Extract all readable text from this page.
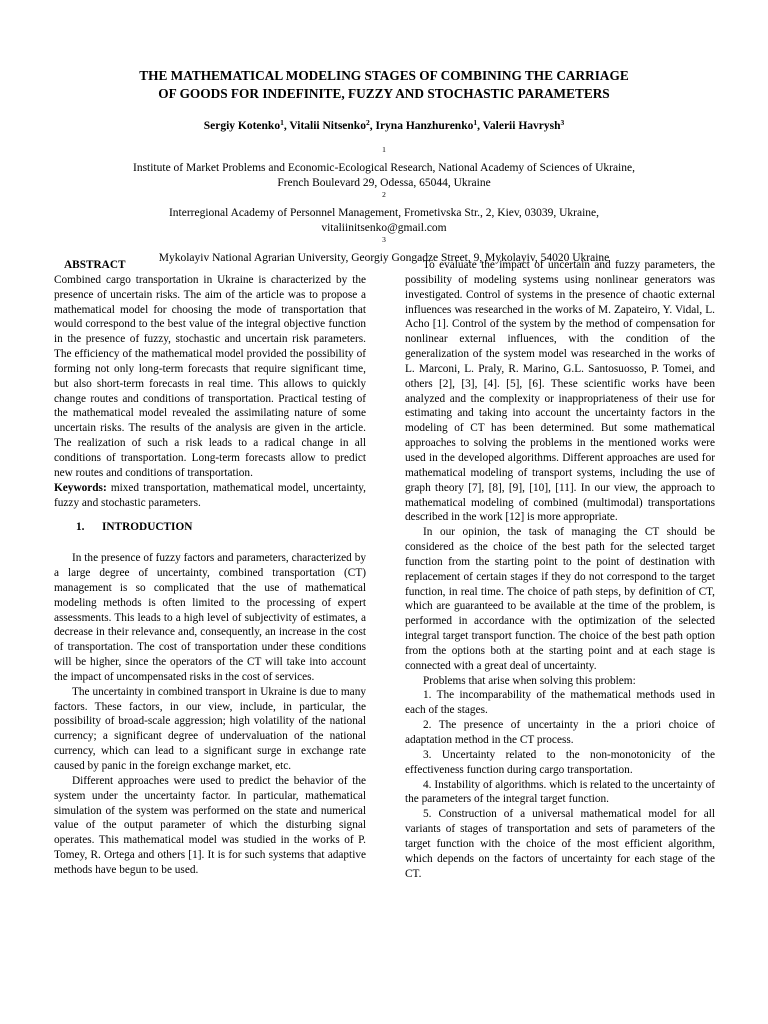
THE MATHEMATICAL MODELING STAGES OF COMBINING THE CARRIAGE
OF GOODS FOR INDEFINITE, FUZZY AND STOCHASTIC PARAMETERS
Sergiy Kotenko$^1$, Vitalii Nitsenko$^2$, Iryna Hanzhurenko$^1$, Valerii Havrysh$^3$
$^1$
Institute of Market Problems and Economic-Ecological Research, National Academy of Sciences of Ukraine,
French Boulevard 29, Odessa, 65044, Ukraine
$^2$
Interregional Academy of Personnel Management, Frometivska Str., 2, Kiev, 03039, Ukraine,
vitaliinitsenko@gmail.com
$^3$
Mykolayiv National Agrarian University, Georgiy Gongadze Street, 9, Mykolayiv, 54020 Ukraine

ABSTRACT

Combined cargo transportation in Ukraine is characterized by the presence of uncertain risks. The aim of the article was to propose a mathematical model for choosing the mode of transportation that would correspond to the best value of the integral objective function in the presence of fuzzy, stochastic and uncertain risk parameters. The efficiency of the mathematical model provided the possibility of forming not only long-term forecasts that require significant time, but also short-term forecasts in real time. This allows to quickly change routes and conditions of transportation. Practical testing of the mathematical model revealed the assimilating nature of some uncertain risks. The results of the analysis are given in the article. The realization of such a risk leads to a radical change in all conditions of transportation. Long-term forecasts allow to predict new routes and conditions of transportation.

Keywords: mixed transportation, mathematical model, uncertainty, fuzzy and stochastic parameters.

1. INTRODUCTION

In the presence of fuzzy factors and parameters, characterized by a large degree of uncertainty, combined transportation (CT) management is so complicated that the use of mathematical modeling methods is often limited to the processing of expert assessments. This leads to a high level of subjectivity of estimates, a decrease in their relevance and, consequently, an increase in the cost of transportation. The cost of transportation under these conditions will be higher, since the operators of the CT will take into account the impact of uncompensated risks in the cost of services.

The uncertainty in combined transport in Ukraine is due to many factors. These factors, in our view, include, in particular, the possibility of broad-scale aggression; high volatility of the national currency; a significant degree of undervaluation of the national currency, which can lead to a significant surge in exchange rate caused by panic in the foreign exchange market, etc.

Different approaches were used to predict the behavior of the system under the uncertainty factor. In particular, mathematical simulation of the system was performed on the state and numerical value of the output parameter of which the disturbing signal operates. This mathematical model was studied in the works of P. Tomey, R. Ortega and others [1]. It is for such systems that adaptive methods have begun to be used.

To evaluate the impact of uncertain and fuzzy parameters, the possibility of modeling systems using nonlinear generators was investigated. Control of systems in the presence of chaotic external influences was researched in the works of M. Zapateiro, Y. Vidal, L. Acho [1]. Control of the system by the method of compensation for nonlinear external influences, with the condition of the generalization of the system model was researched in the works of L. Marconi, L. Praly, R. Marino, G.L. Santosuosso, P. Tomei, and others [2], [3], [4]. [5], [6]. These scientific works have been analyzed and the complexity or inappropriateness of their use for estimating and taking into account the uncertainty factors in the modeling of CT has been determined. But some mathematical approaches to solving the problems in the mentioned works were used in the developed algorithms. Different approaches are used for mathematical modeling of transport systems, including the use of graph theory [7], [8], [9], [10], [11]. In our view, the approach to mathematical modeling of combined (multimodal) transportations described in the work [12] is more appropriate.

In our opinion, the task of managing the CT should be considered as the choice of the best path for the selected target function from the starting point to the point of destination with replacement of certain stages if they do not correspond to the target function, in real time. The choice of path steps, by definition of CT, which are guaranteed to be available at the time of the problem, is performed in accordance with the optimization of the selected integral target transport function. The choice of the best path option from the options both at the starting point and at each stage is connected with a great deal of uncertainty.

Problems that arise when solving this problem:

1. The incomparability of the mathematical methods used in each of the stages.

2. The presence of uncertainty in the a priori choice of adaptation method in the CT process.

3. Uncertainty related to the non-monotonicity of the effectiveness function during cargo transportation.

4. Instability of algorithms. which is related to the uncertainty of the parameters of the integral target function.

5. Construction of a universal mathematical model for all variants of stages of transportation and sets of parameters of the target function with the choice of the most efficient algorithm, which depends on the factors of uncertainty for each stage of the CT.
